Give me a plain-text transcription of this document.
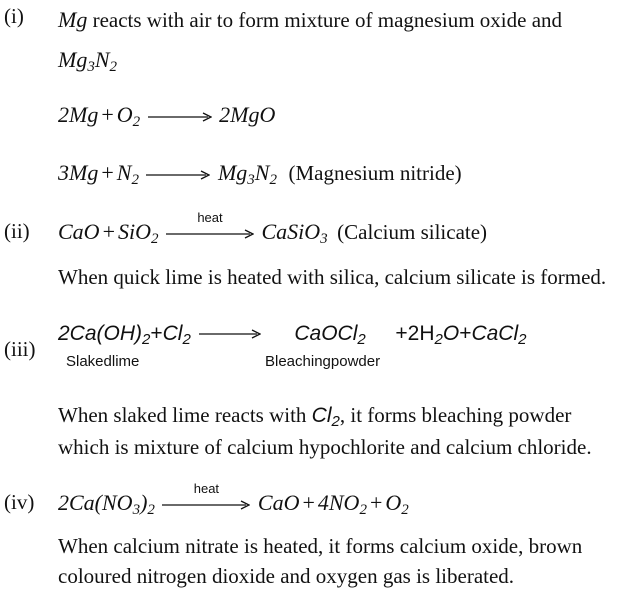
(i) Mg reacts with air to form mixture of magnesium oxide and
$Mg_3N_2$
$2Mg + O_2 \to 2MgO$
$3Mg + N_2 \to Mg_3N_2$ (Magnesium nitride)
(ii) CaO + SiO$_2$
heat
CaSiO$_3$ (Calcium silicate)
When quick lime is heated with silica, calcium silicate is formed.
(iii)
$2Ca(OH)_2+Cl_2$ → CaOCl$_2$ $+2H_2O+CaCl_2$
Slakedlime	Bleachingpowder
When slaked lime reacts with $Cl_2$, it forms bleaching powder
which is mixture of calcium hypochlorite and calcium chloride.
(iv) $2Ca(NO_3)_2$
heat
CaO + $4NO_2 + O_2$
When calcium nitrate is heated, it forms calcium oxide, brown
coloured nitrogen dioxide and oxygen gas is liberated.
